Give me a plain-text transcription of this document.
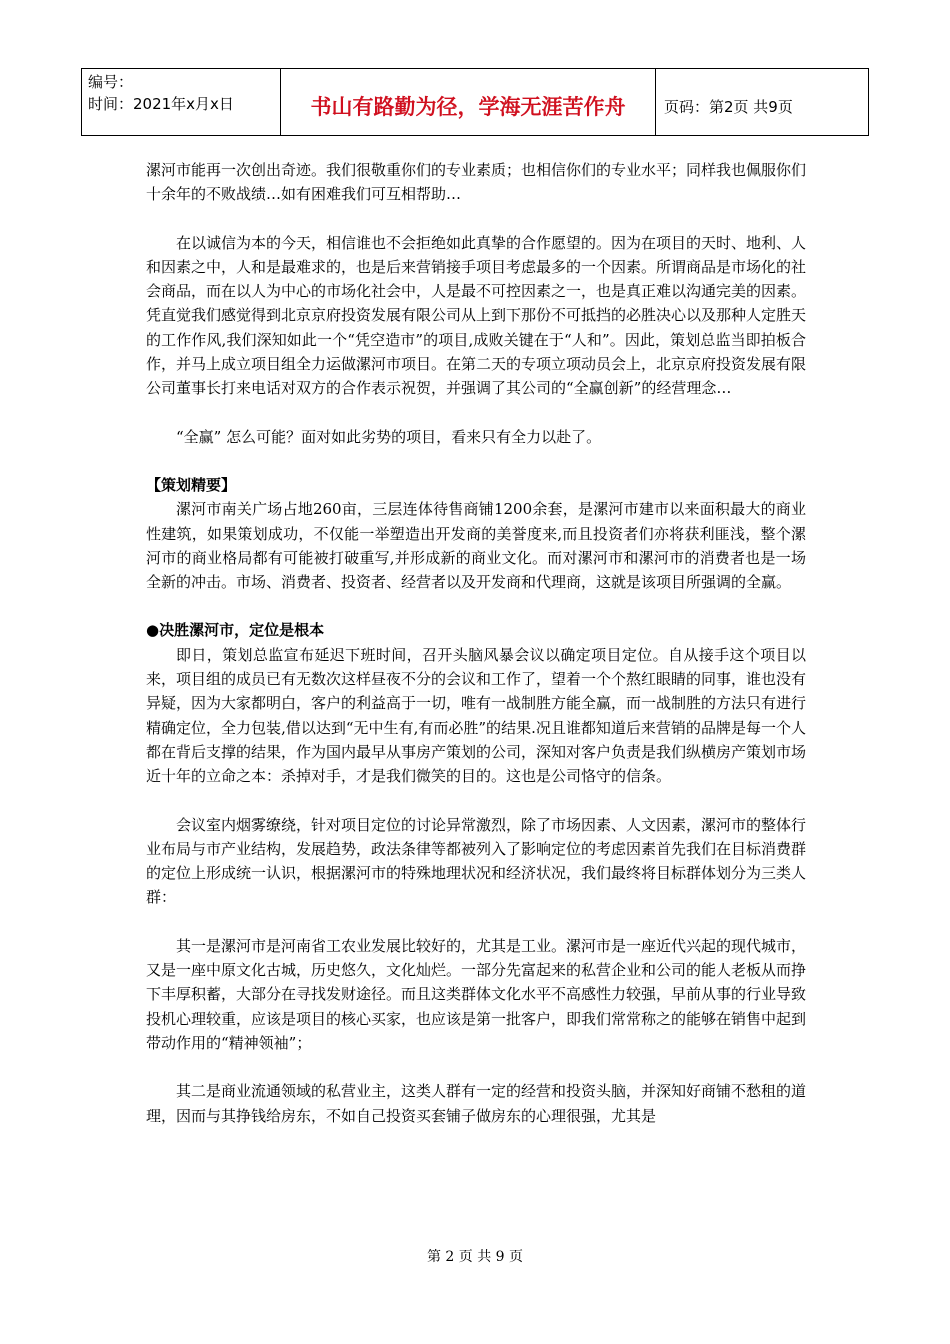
编号：
时间：2021年x月x日	书山有路勤为径，学海无涯苦作舟	页码：第2页 共9页

漯河市能再一次创出奇迹。我们很敬重你们的专业素质；也相信你们的专业水平；同样我也佩服你们十余年的不败战绩…如有困难我们可互相帮助…

在以诚信为本的今天，相信谁也不会拒绝如此真挚的合作愿望的。因为在项目的天时、地利、人和因素之中，人和是最难求的，也是后来营销接手项目考虑最多的一个因素。所谓商品是市场化的社会商品，而在以人为中心的市场化社会中，人是最不可控因素之一，也是真正难以沟通完美的因素。凭直觉我们感觉得到北京京府投资发展有限公司从上到下那份不可抵挡的必胜决心以及那种人定胜天的工作作风,我们深知如此一个“凭空造市”的项目,成败关键在于“人和”。因此，策划总监当即拍板合作，并马上成立项目组全力运做漯河市项目。在第二天的专项立项动员会上，北京京府投资发展有限公司董事长打来电话对双方的合作表示祝贺，并强调了其公司的“全赢创新”的经营理念…

“全赢” 怎么可能？面对如此劣势的项目，看来只有全力以赴了。

【策划精要】

漯河市南关广场占地260亩，三层连体待售商铺1200余套，是漯河市建市以来面积最大的商业性建筑，如果策划成功，不仅能一举塑造出开发商的美誉度来,而且投资者们亦将获利匪浅，整个漯河市的商业格局都有可能被打破重写,并形成新的商业文化。而对漯河市和漯河市的消费者也是一场全新的冲击。市场、消费者、投资者、经营者以及开发商和代理商，这就是该项目所强调的全赢。

●决胜漯河市，定位是根本

即日，策划总监宣布延迟下班时间，召开头脑风暴会议以确定项目定位。自从接手这个项目以来，项目组的成员已有无数次这样昼夜不分的会议和工作了，望着一个个熬红眼睛的同事，谁也没有异疑，因为大家都明白，客户的利益高于一切，唯有一战制胜方能全赢，而一战制胜的方法只有进行精确定位，全力包装,借以达到“无中生有,有而必胜”的结果.况且谁都知道后来营销的品牌是每一个人都在背后支撑的结果，作为国内最早从事房产策划的公司，深知对客户负责是我们纵横房产策划市场近十年的立命之本：杀掉对手，才是我们微笑的目的。这也是公司恪守的信条。

会议室内烟雾缭绕，针对项目定位的讨论异常激烈，除了市场因素、人文因素，漯河市的整体行业布局与市产业结构，发展趋势，政法条律等都被列入了影响定位的考虑因素首先我们在目标消费群的定位上形成统一认识，根据漯河市的特殊地理状况和经济状况，我们最终将目标群体划分为三类人群：

其一是漯河市是河南省工农业发展比较好的，尤其是工业。漯河市是一座近代兴起的现代城市，又是一座中原文化古城，历史悠久，文化灿烂。一部分先富起来的私营企业和公司的能人老板从而挣下丰厚积蓄，大部分在寻找发财途径。而且这类群体文化水平不高感性力较强，早前从事的行业导致投机心理较重，应该是项目的核心买家，也应该是第一批客户，即我们常常称之的能够在销售中起到带动作用的“精神领袖”；

其二是商业流通领域的私营业主，这类人群有一定的经营和投资头脑，并深知好商铺不愁租的道理，因而与其挣钱给房东，不如自己投资买套铺子做房东的心理很强，尤其是

第 2 页 共 9 页
